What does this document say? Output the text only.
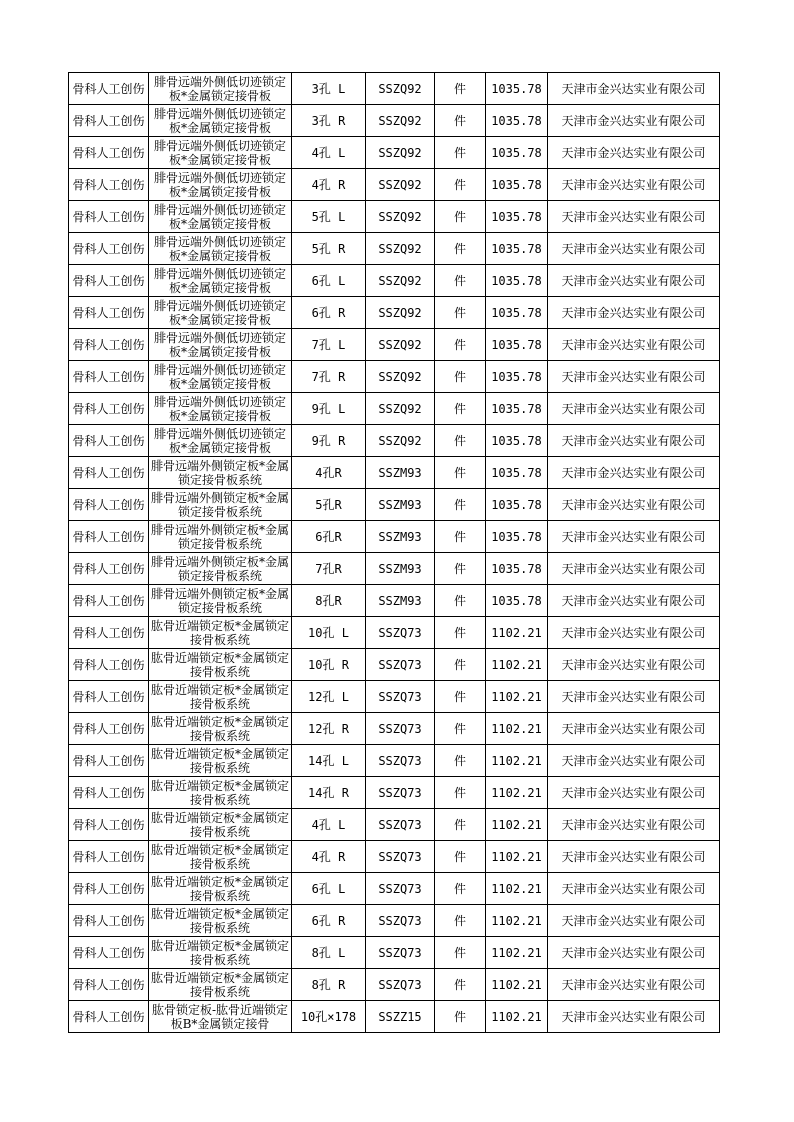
骨科人工创伤	腓骨远端外侧低切迹锁定板*金属锁定接骨板	3孔 L	SSZQ92	件	1035.78	天津市金兴达实业有限公司
骨科人工创伤	腓骨远端外侧低切迹锁定板*金属锁定接骨板	3孔 R	SSZQ92	件	1035.78	天津市金兴达实业有限公司
骨科人工创伤	腓骨远端外侧低切迹锁定板*金属锁定接骨板	4孔 L	SSZQ92	件	1035.78	天津市金兴达实业有限公司
骨科人工创伤	腓骨远端外侧低切迹锁定板*金属锁定接骨板	4孔 R	SSZQ92	件	1035.78	天津市金兴达实业有限公司
骨科人工创伤	腓骨远端外侧低切迹锁定板*金属锁定接骨板	5孔 L	SSZQ92	件	1035.78	天津市金兴达实业有限公司
骨科人工创伤	腓骨远端外侧低切迹锁定板*金属锁定接骨板	5孔 R	SSZQ92	件	1035.78	天津市金兴达实业有限公司
骨科人工创伤	腓骨远端外侧低切迹锁定板*金属锁定接骨板	6孔 L	SSZQ92	件	1035.78	天津市金兴达实业有限公司
骨科人工创伤	腓骨远端外侧低切迹锁定板*金属锁定接骨板	6孔 R	SSZQ92	件	1035.78	天津市金兴达实业有限公司
骨科人工创伤	腓骨远端外侧低切迹锁定板*金属锁定接骨板	7孔 L	SSZQ92	件	1035.78	天津市金兴达实业有限公司
骨科人工创伤	腓骨远端外侧低切迹锁定板*金属锁定接骨板	7孔 R	SSZQ92	件	1035.78	天津市金兴达实业有限公司
骨科人工创伤	腓骨远端外侧低切迹锁定板*金属锁定接骨板	9孔 L	SSZQ92	件	1035.78	天津市金兴达实业有限公司
骨科人工创伤	腓骨远端外侧低切迹锁定板*金属锁定接骨板	9孔 R	SSZQ92	件	1035.78	天津市金兴达实业有限公司
骨科人工创伤	腓骨远端外侧锁定板*金属锁定接骨板系统	4孔R	SSZM93	件	1035.78	天津市金兴达实业有限公司
骨科人工创伤	腓骨远端外侧锁定板*金属锁定接骨板系统	5孔R	SSZM93	件	1035.78	天津市金兴达实业有限公司
骨科人工创伤	腓骨远端外侧锁定板*金属锁定接骨板系统	6孔R	SSZM93	件	1035.78	天津市金兴达实业有限公司
骨科人工创伤	腓骨远端外侧锁定板*金属锁定接骨板系统	7孔R	SSZM93	件	1035.78	天津市金兴达实业有限公司
骨科人工创伤	腓骨远端外侧锁定板*金属锁定接骨板系统	8孔R	SSZM93	件	1035.78	天津市金兴达实业有限公司
骨科人工创伤	肱骨近端锁定板*金属锁定接骨板系统	10孔 L	SSZQ73	件	1102.21	天津市金兴达实业有限公司
骨科人工创伤	肱骨近端锁定板*金属锁定接骨板系统	10孔 R	SSZQ73	件	1102.21	天津市金兴达实业有限公司
骨科人工创伤	肱骨近端锁定板*金属锁定接骨板系统	12孔 L	SSZQ73	件	1102.21	天津市金兴达实业有限公司
骨科人工创伤	肱骨近端锁定板*金属锁定接骨板系统	12孔 R	SSZQ73	件	1102.21	天津市金兴达实业有限公司
骨科人工创伤	肱骨近端锁定板*金属锁定接骨板系统	14孔 L	SSZQ73	件	1102.21	天津市金兴达实业有限公司
骨科人工创伤	肱骨近端锁定板*金属锁定接骨板系统	14孔 R	SSZQ73	件	1102.21	天津市金兴达实业有限公司
骨科人工创伤	肱骨近端锁定板*金属锁定接骨板系统	4孔 L	SSZQ73	件	1102.21	天津市金兴达实业有限公司
骨科人工创伤	肱骨近端锁定板*金属锁定接骨板系统	4孔 R	SSZQ73	件	1102.21	天津市金兴达实业有限公司
骨科人工创伤	肱骨近端锁定板*金属锁定接骨板系统	6孔 L	SSZQ73	件	1102.21	天津市金兴达实业有限公司
骨科人工创伤	肱骨近端锁定板*金属锁定接骨板系统	6孔 R	SSZQ73	件	1102.21	天津市金兴达实业有限公司
骨科人工创伤	肱骨近端锁定板*金属锁定接骨板系统	8孔 L	SSZQ73	件	1102.21	天津市金兴达实业有限公司
骨科人工创伤	肱骨近端锁定板*金属锁定接骨板系统	8孔 R	SSZQ73	件	1102.21	天津市金兴达实业有限公司
骨科人工创伤	肱骨锁定板-肱骨近端锁定板B*金属锁定接骨	10孔×178	SSZZ15	件	1102.21	天津市金兴达实业有限公司
